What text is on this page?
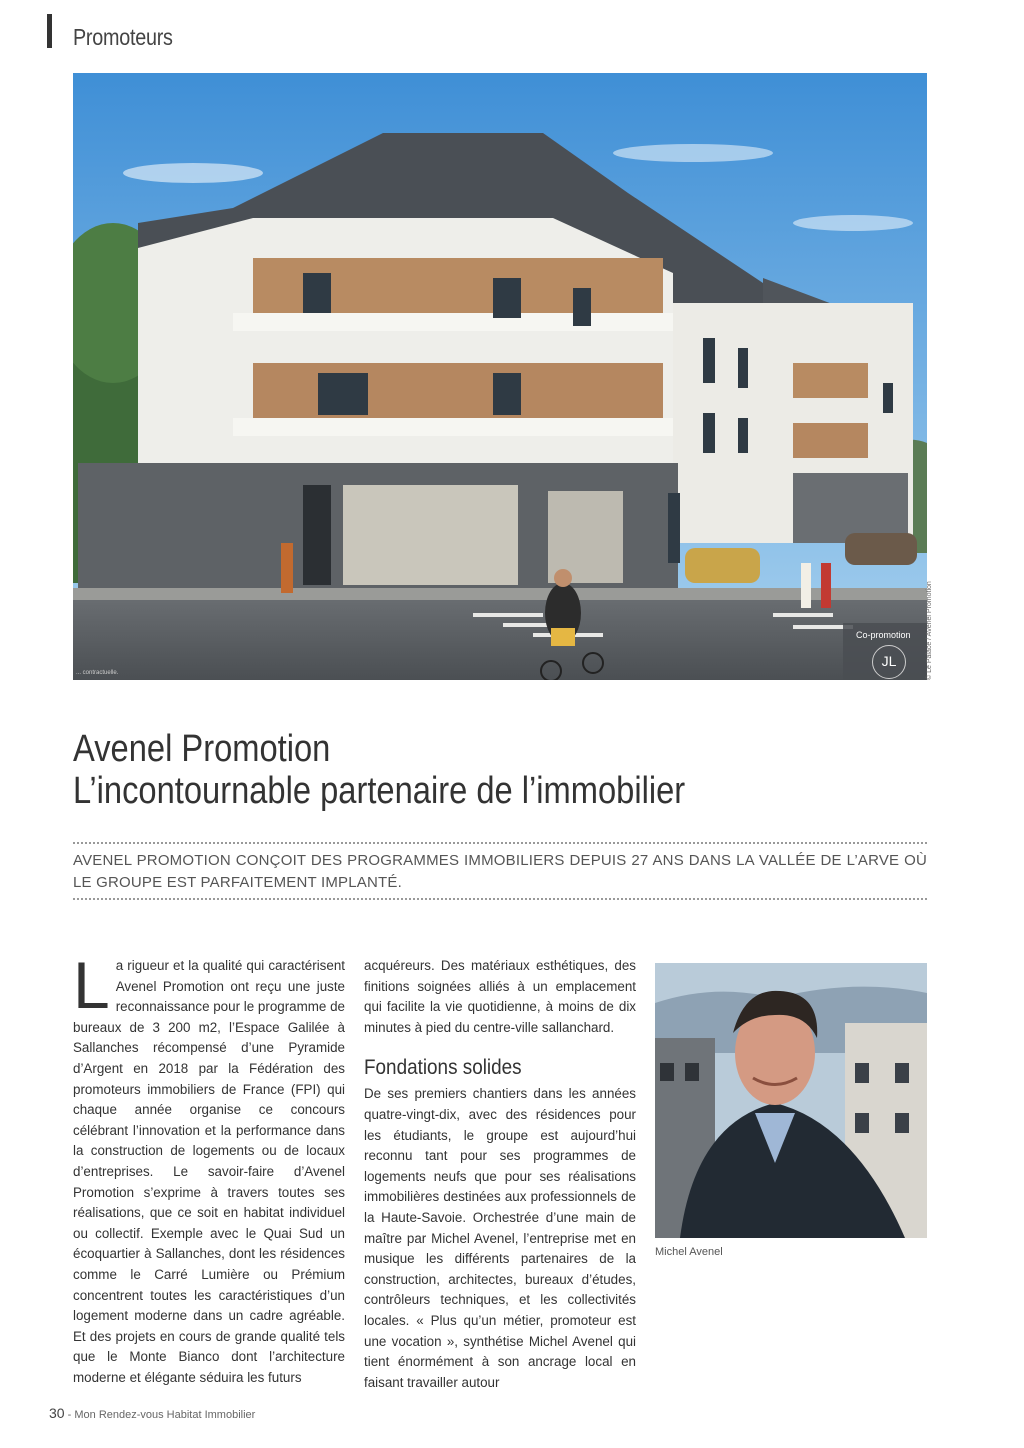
Promoteurs
Co-promotion
JL
... contractuelle.	© Le Palace / Avenel Promotion
Avenel Promotion
L’incontournable partenaire de l’immobilier
AVENEL PROMOTION CONÇOIT DES PROGRAMMES IMMOBILIERS DEPUIS 27 ANS DANS LA VALLÉE DE L’ARVE OÙ LE GROUPE EST PARFAITEMENT IMPLANTÉ.
L a rigueur et la qualité qui caractérisent Avenel Promotion ont reçu une juste reconnaissance pour le programme de bureaux de 3 200 m2, l’Espace Galilée à Sallanches récompensé d’une Pyramide d’Argent en 2018 par la Fédération des promoteurs immobiliers de France (FPI) qui chaque année organise ce concours célébrant l’innovation et la performance dans la construction de logements ou de locaux d’entreprises. Le savoir-faire d’Avenel Promotion s’exprime à travers toutes ses réalisations, que ce soit en habitat individuel ou collectif. Exemple avec le Quai Sud un écoquartier à Sallanches, dont les résidences comme le Carré Lumière ou Prémium concentrent toutes les caractéristiques d’un logement moderne dans un cadre agréable. Et des projets en cours de grande qualité tels que le Monte Bianco dont l’architecture moderne et élégante séduira les futurs
acquéreurs. Des matériaux esthétiques, des finitions soignées alliés à un emplacement qui facilite la vie quotidienne, à moins de dix minutes à pied du centre-ville sallanchard.
Fondations solides
De ses premiers chantiers dans les années quatre-vingt-dix, avec des résidences pour les étudiants, le groupe est aujourd’hui reconnu tant pour ses programmes de logements neufs que pour ses réalisations immobilières destinées aux professionnels de la Haute-Savoie. Orchestrée d’une main de maître par Michel Avenel, l’entreprise met en musique les différents partenaires de la construction, architectes, bureaux d’études, contrôleurs techniques, et les collectivités locales. « Plus qu’un métier, promoteur est une vocation », synthétise Michel Avenel qui tient énormément à son ancrage local en faisant travailler autour
Michel Avenel
30 - Mon Rendez-vous Habitat Immobilier
